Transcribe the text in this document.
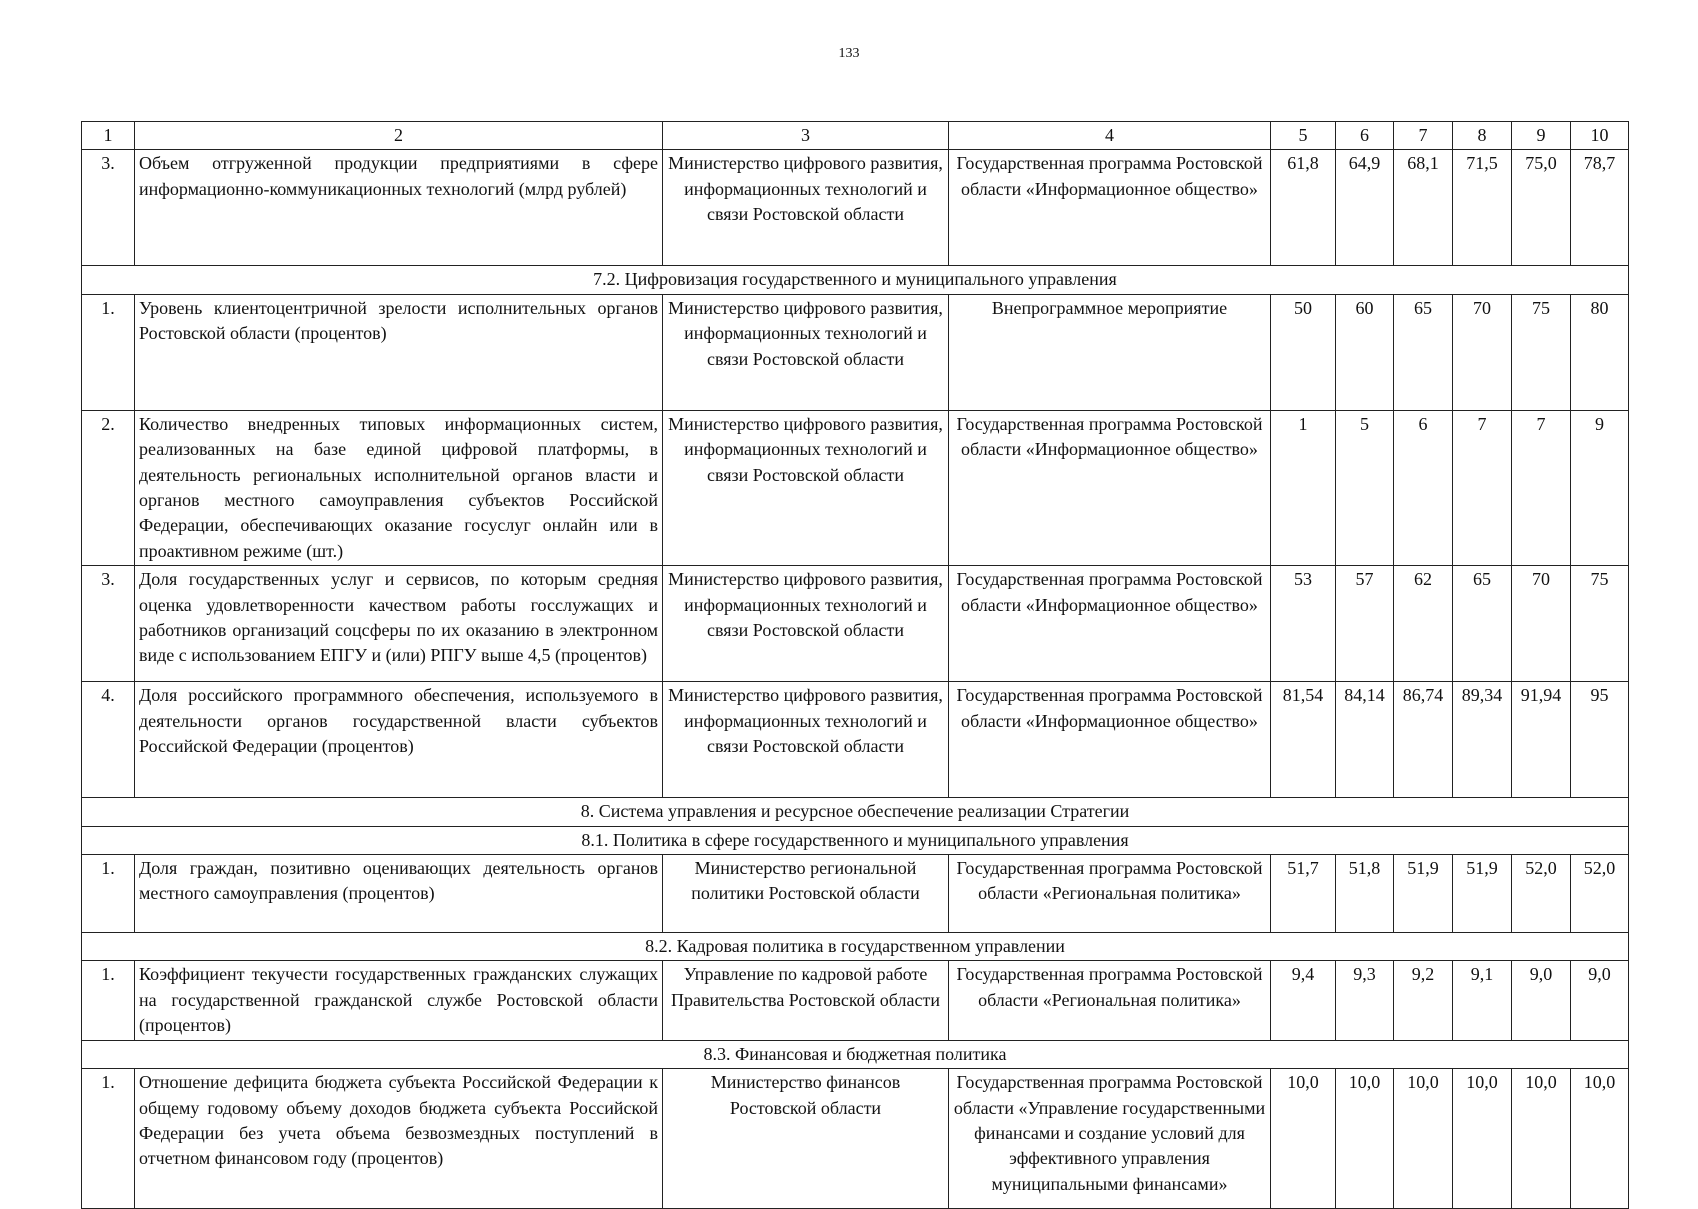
133
1	2	3	4	5	6	7	8	9	10
3.	Объем отгруженной продукции предприятиями в сфере информационно-коммуникационных технологий (млрд рублей)	Министерство цифрового развития, информационных технологий и связи Ростовской области	Государственная программа Ростовской области «Информационное общество»	61,8	64,9	68,1	71,5	75,0	78,7
7.2. Цифровизация государственного и муниципального управления									
1.	Уровень клиентоцентричной зрелости исполнительных органов Ростовской области (процентов)	Министерство цифрового развития, информационных технологий и связи Ростовской области	Внепрограммное мероприятие	50	60	65	70	75	80
2.	Количество внедренных типовых информационных систем, реализованных на базе единой цифровой платформы, в деятельность региональных исполнительной органов власти и органов местного самоуправления субъектов Российской Федерации, обеспечивающих оказание госуслуг онлайн или в проактивном режиме (шт.)	Министерство цифрового развития, информационных технологий и связи Ростовской области	Государственная программа Ростовской области «Информационное общество»	1	5	6	7	7	9
3.	Доля государственных услуг и сервисов, по которым средняя оценка удовлетворенности качеством работы госслужащих и работников организаций соцсферы по их оказанию в электронном виде с использованием ЕПГУ и (или) РПГУ выше 4,5 (процентов)	Министерство цифрового развития, информационных технологий и связи Ростовской области	Государственная программа Ростовской области «Информационное общество»	53	57	62	65	70	75
4.	Доля российского программного обеспечения, используемого в деятельности органов государственной власти субъектов Российской Федерации (процентов)	Министерство цифрового развития, информационных технологий и связи Ростовской области	Государственная программа Ростовской области «Информационное общество»	81,54	84,14	86,74	89,34	91,94	95
8. Система управления и ресурсное обеспечение реализации Стратегии									
8.1. Политика в сфере государственного и муниципального управления									
1.	Доля граждан, позитивно оценивающих деятельность органов местного самоуправления (процентов)	Министерство региональной политики Ростовской области	Государственная программа Ростовской области «Региональная политика»	51,7	51,8	51,9	51,9	52,0	52,0
8.2. Кадровая политика в государственном управлении									
1.	Коэффициент текучести государственных гражданских служащих на государственной гражданской службе Ростовской области (процентов)	Управление по кадровой работе Правительства Ростовской области	Государственная программа Ростовской области «Региональная политика»	9,4	9,3	9,2	9,1	9,0	9,0
8.3. Финансовая и бюджетная политика									
1.	Отношение дефицита бюджета субъекта Российской Федерации к общему годовому объему доходов бюджета субъекта Российской Федерации без учета объема безвозмездных поступлений в отчетном финансовом году (процентов)	Министерство финансов Ростовской области	Государственная программа Ростовской области «Управление государственными финансами и создание условий для эффективного управления муниципальными финансами»	10,0	10,0	10,0	10,0	10,0	10,0
